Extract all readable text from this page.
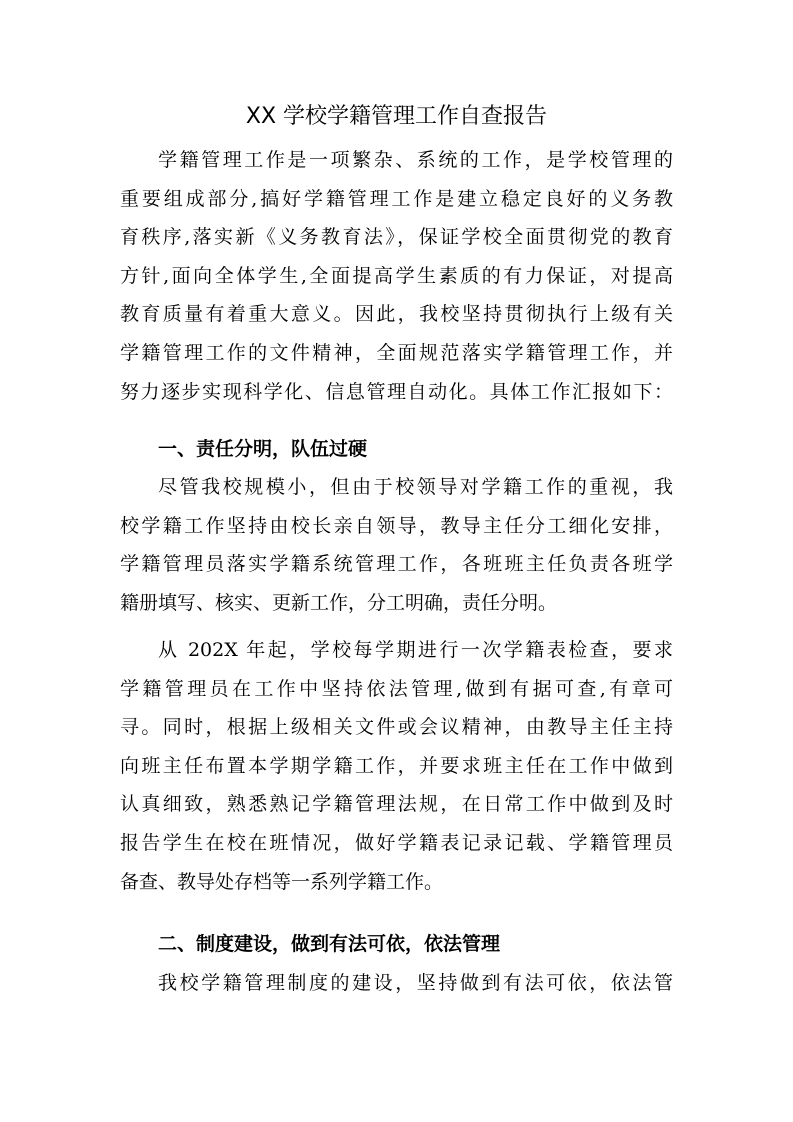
XX 学校学籍管理工作自查报告
学籍管理工作是一项繁杂、系统的工作，是学校管理的
重要组成部分,搞好学籍管理工作是建立稳定良好的义务教
育秩序,落实新《义务教育法》，保证学校全面贯彻党的教育
方针,面向全体学生,全面提高学生素质的有力保证，对提高
教育质量有着重大意义。因此，我校坚持贯彻执行上级有关
学籍管理工作的文件精神，全面规范落实学籍管理工作，并
努力逐步实现科学化、信息管理自动化。具体工作汇报如下：
一、责任分明，队伍过硬
尽管我校规模小，但由于校领导对学籍工作的重视，我
校学籍工作坚持由校长亲自领导，教导主任分工细化安排，
学籍管理员落实学籍系统管理工作，各班班主任负责各班学
籍册填写、核实、更新工作，分工明确，责任分明。
从 202X 年起，学校每学期进行一次学籍表检查，要求
学籍管理员在工作中坚持依法管理,做到有据可查,有章可
寻。同时，根据上级相关文件或会议精神，由教导主任主持
向班主任布置本学期学籍工作，并要求班主任在工作中做到
认真细致，熟悉熟记学籍管理法规，在日常工作中做到及时
报告学生在校在班情况，做好学籍表记录记载、学籍管理员
备查、教导处存档等一系列学籍工作。
二、制度建设，做到有法可依，依法管理
我校学籍管理制度的建设，坚持做到有法可依，依法管
